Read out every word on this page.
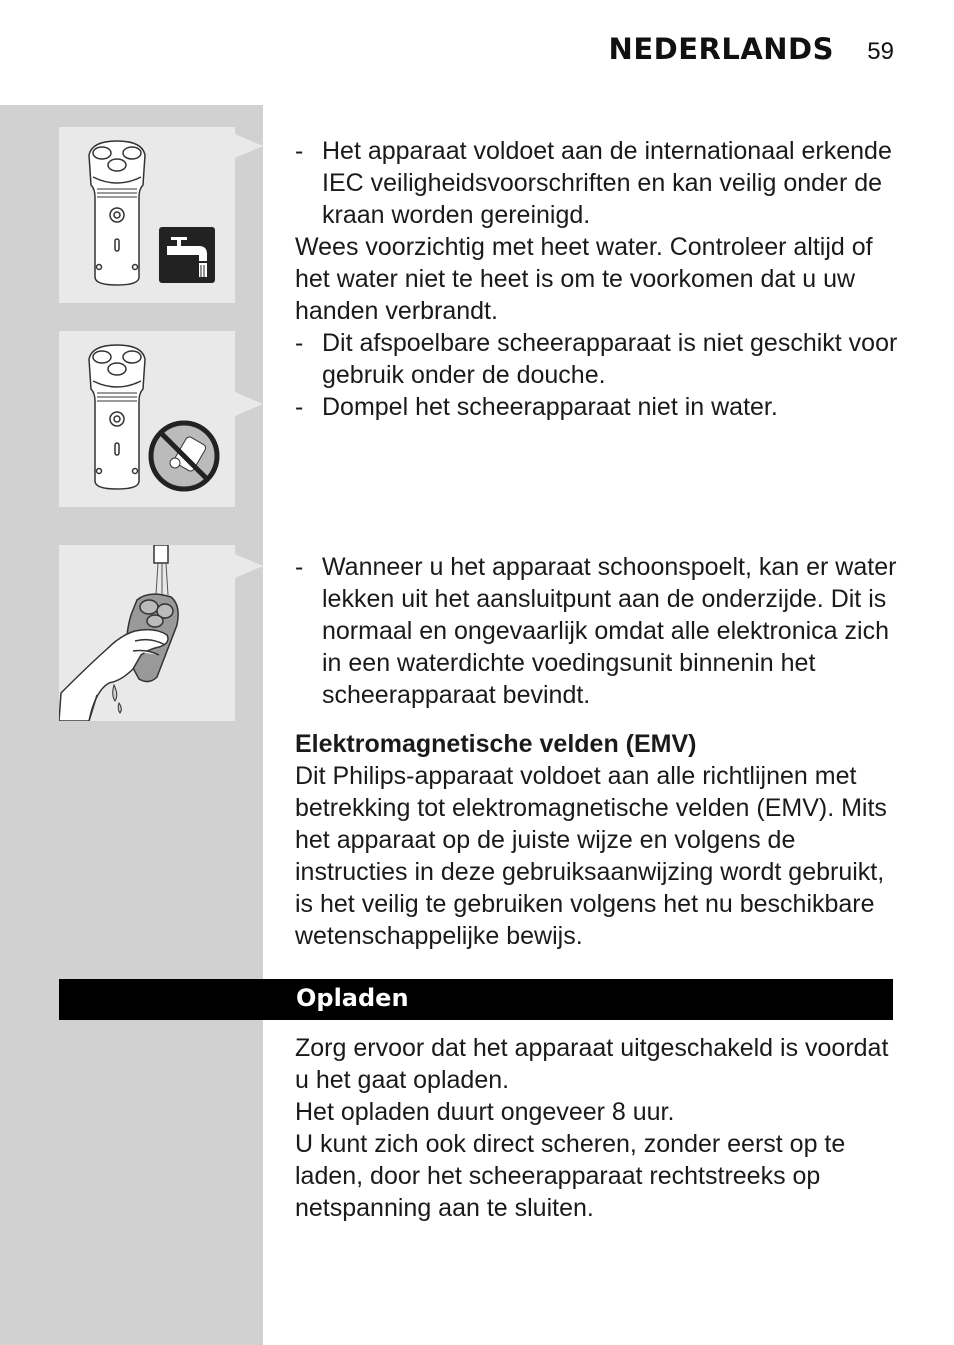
NEDERLANDS 59
- Het apparaat voldoet aan de internationaal erkende IEC veiligheidsvoorschriften en kan veilig onder de kraan worden gereinigd.
Wees voorzichtig met heet water. Controleer altijd of het water niet te heet is om te voorkomen dat u uw handen verbrandt.
- Dit afspoelbare scheerapparaat is niet geschikt voor gebruik onder de douche.
- Dompel het scheerapparaat niet in water.
- Wanneer u het apparaat schoonspoelt, kan er water lekken uit het aansluitpunt aan de onderzijde. Dit is normaal en ongevaarlijk omdat alle elektronica zich in een waterdichte voedingsunit binnenin het scheerapparaat bevindt.
Elektromagnetische velden (EMV)
Dit Philips-apparaat voldoet aan alle richtlijnen met betrekking tot elektromagnetische velden (EMV). Mits het apparaat op de juiste wijze en volgens de instructies in deze gebruiksaanwijzing wordt gebruikt, is het veilig te gebruiken volgens het nu beschikbare wetenschappelijke bewijs.
Opladen
Zorg ervoor dat het apparaat uitgeschakeld is voordat u het gaat opladen.
Het opladen duurt ongeveer 8 uur.
U kunt zich ook direct scheren, zonder eerst op te laden, door het scheerapparaat rechtstreeks op netspanning aan te sluiten.
